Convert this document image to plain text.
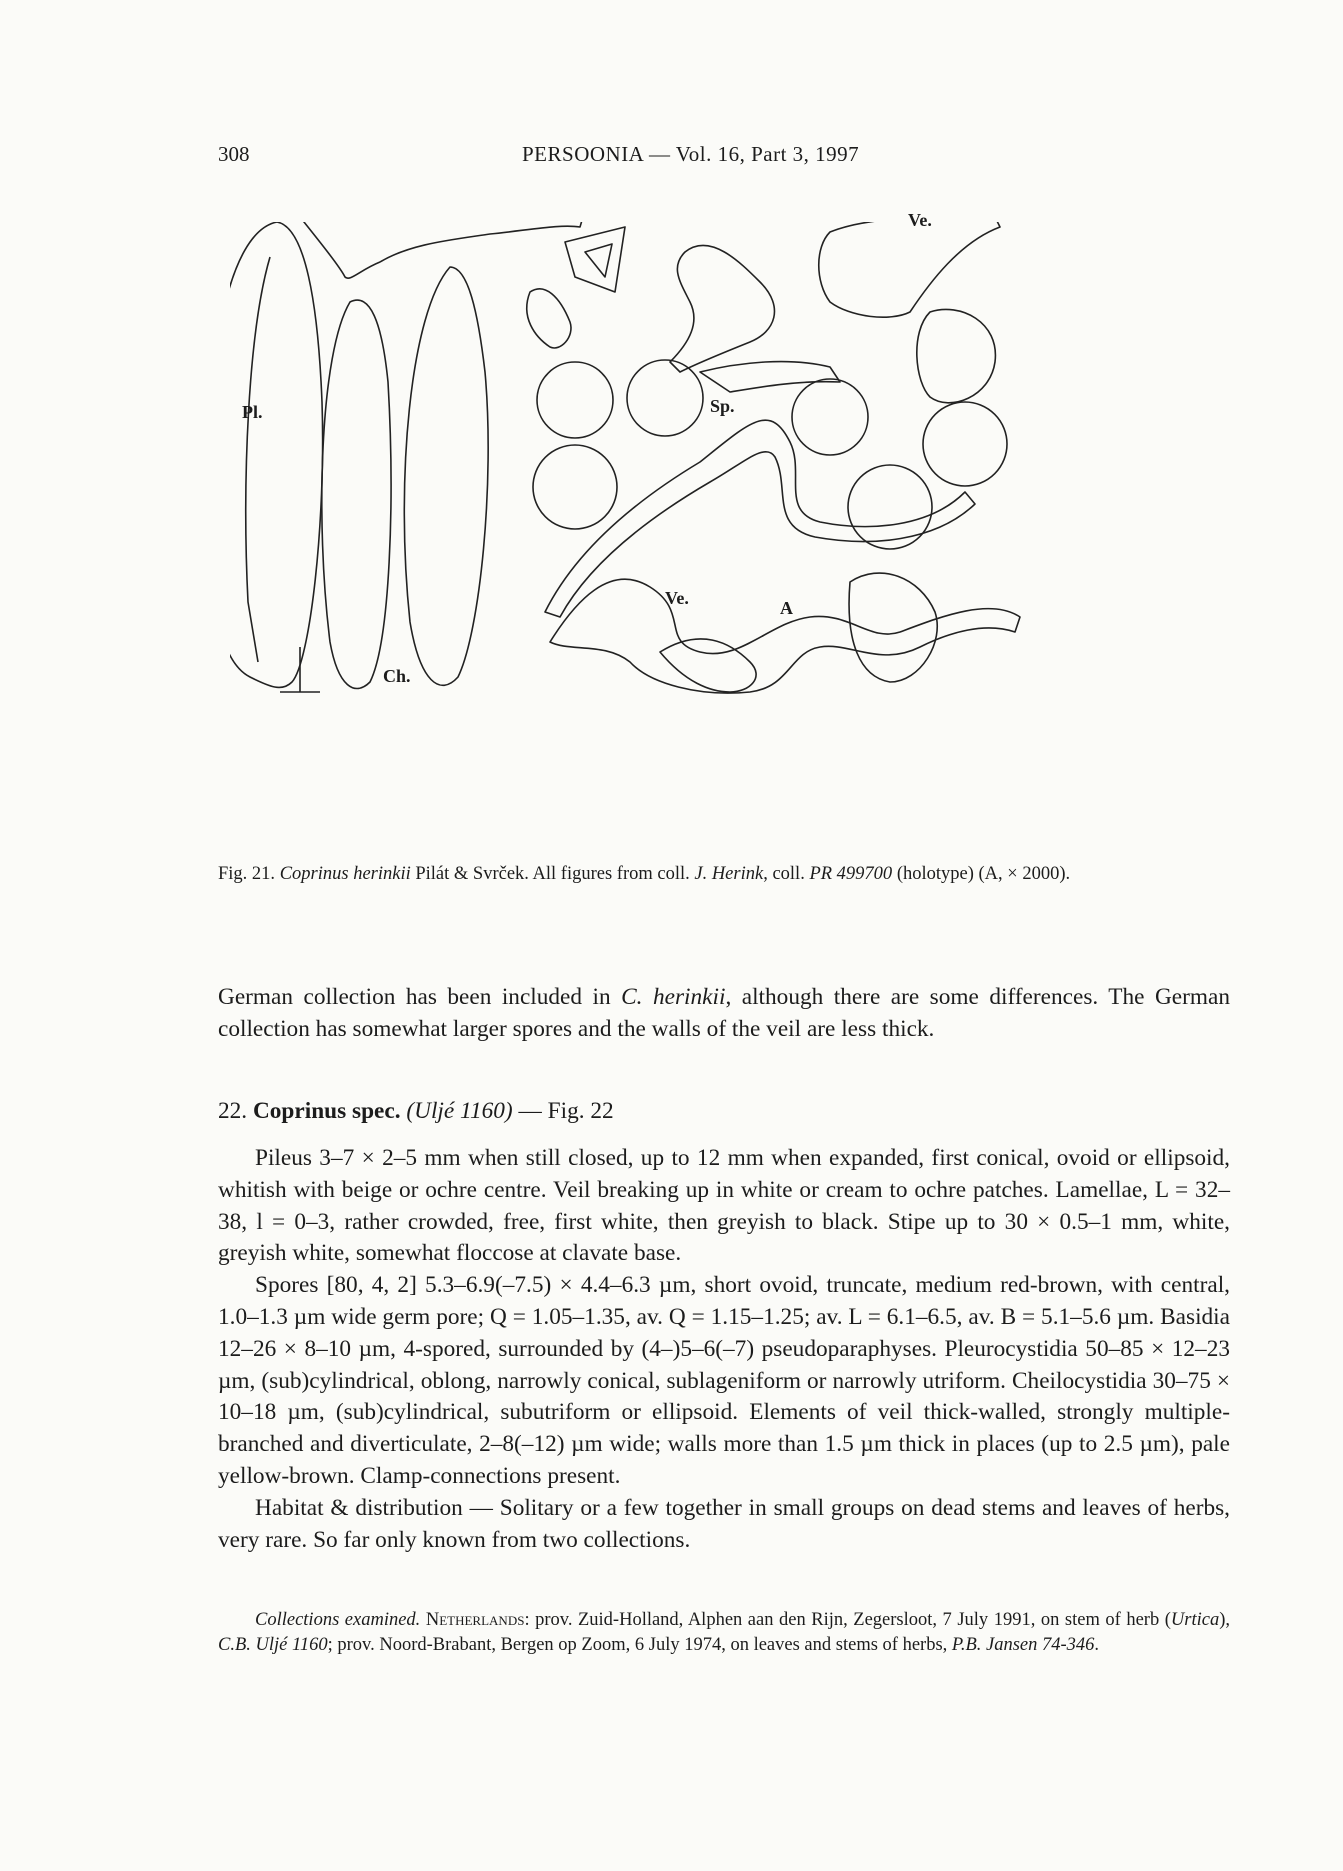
308	PERSOONIA — Vol. 16, Part 3, 1997
Pl.
Ch.
Sp.
Ve.
Ve.	A
Fig. 21. Coprinus herinkii Pilát & Svrček. All figures from coll. J. Herink, coll. PR 499700 (holotype) (A, × 2000).
German collection has been included in C. herinkii, although there are some differences. The German collection has somewhat larger spores and the walls of the veil are less thick.
22. Coprinus spec. (Uljé 1160) — Fig. 22

Pileus 3–7 × 2–5 mm when still closed, up to 12 mm when expanded, first conical, ovoid or ellipsoid, whitish with beige or ochre centre. Veil breaking up in white or cream to ochre patches. Lamellae, L = 32–38, l = 0–3, rather crowded, free, first white, then greyish to black. Stipe up to 30 × 0.5–1 mm, white, greyish white, somewhat floccose at clavate base.

Spores [80, 4, 2] 5.3–6.9(–7.5) × 4.4–6.3 µm, short ovoid, truncate, medium red-brown, with central, 1.0–1.3 µm wide germ pore; Q = 1.05–1.35, av. Q = 1.15–1.25; av. L = 6.1–6.5, av. B = 5.1–5.6 µm. Basidia 12–26 × 8–10 µm, 4-spored, surrounded by (4–)5–6(–7) pseudoparaphyses. Pleurocystidia 50–85 × 12–23 µm, (sub)cylindrical, oblong, narrowly conical, sublageniform or narrowly utriform. Cheilocystidia 30–75 × 10–18 µm, (sub)cylindrical, subutriform or ellipsoid. Elements of veil thick-walled, strongly multiple-branched and diverticulate, 2–8(–12) µm wide; walls more than 1.5 µm thick in places (up to 2.5 µm), pale yellow-brown. Clamp-connections present.

Habitat & distribution — Solitary or a few together in small groups on dead stems and leaves of herbs, very rare. So far only known from two collections.

Collections examined. Netherlands: prov. Zuid-Holland, Alphen aan den Rijn, Zegersloot, 7 July 1991, on stem of herb (Urtica), C.B. Uljé 1160; prov. Noord-Brabant, Bergen op Zoom, 6 July 1974, on leaves and stems of herbs, P.B. Jansen 74-346.
